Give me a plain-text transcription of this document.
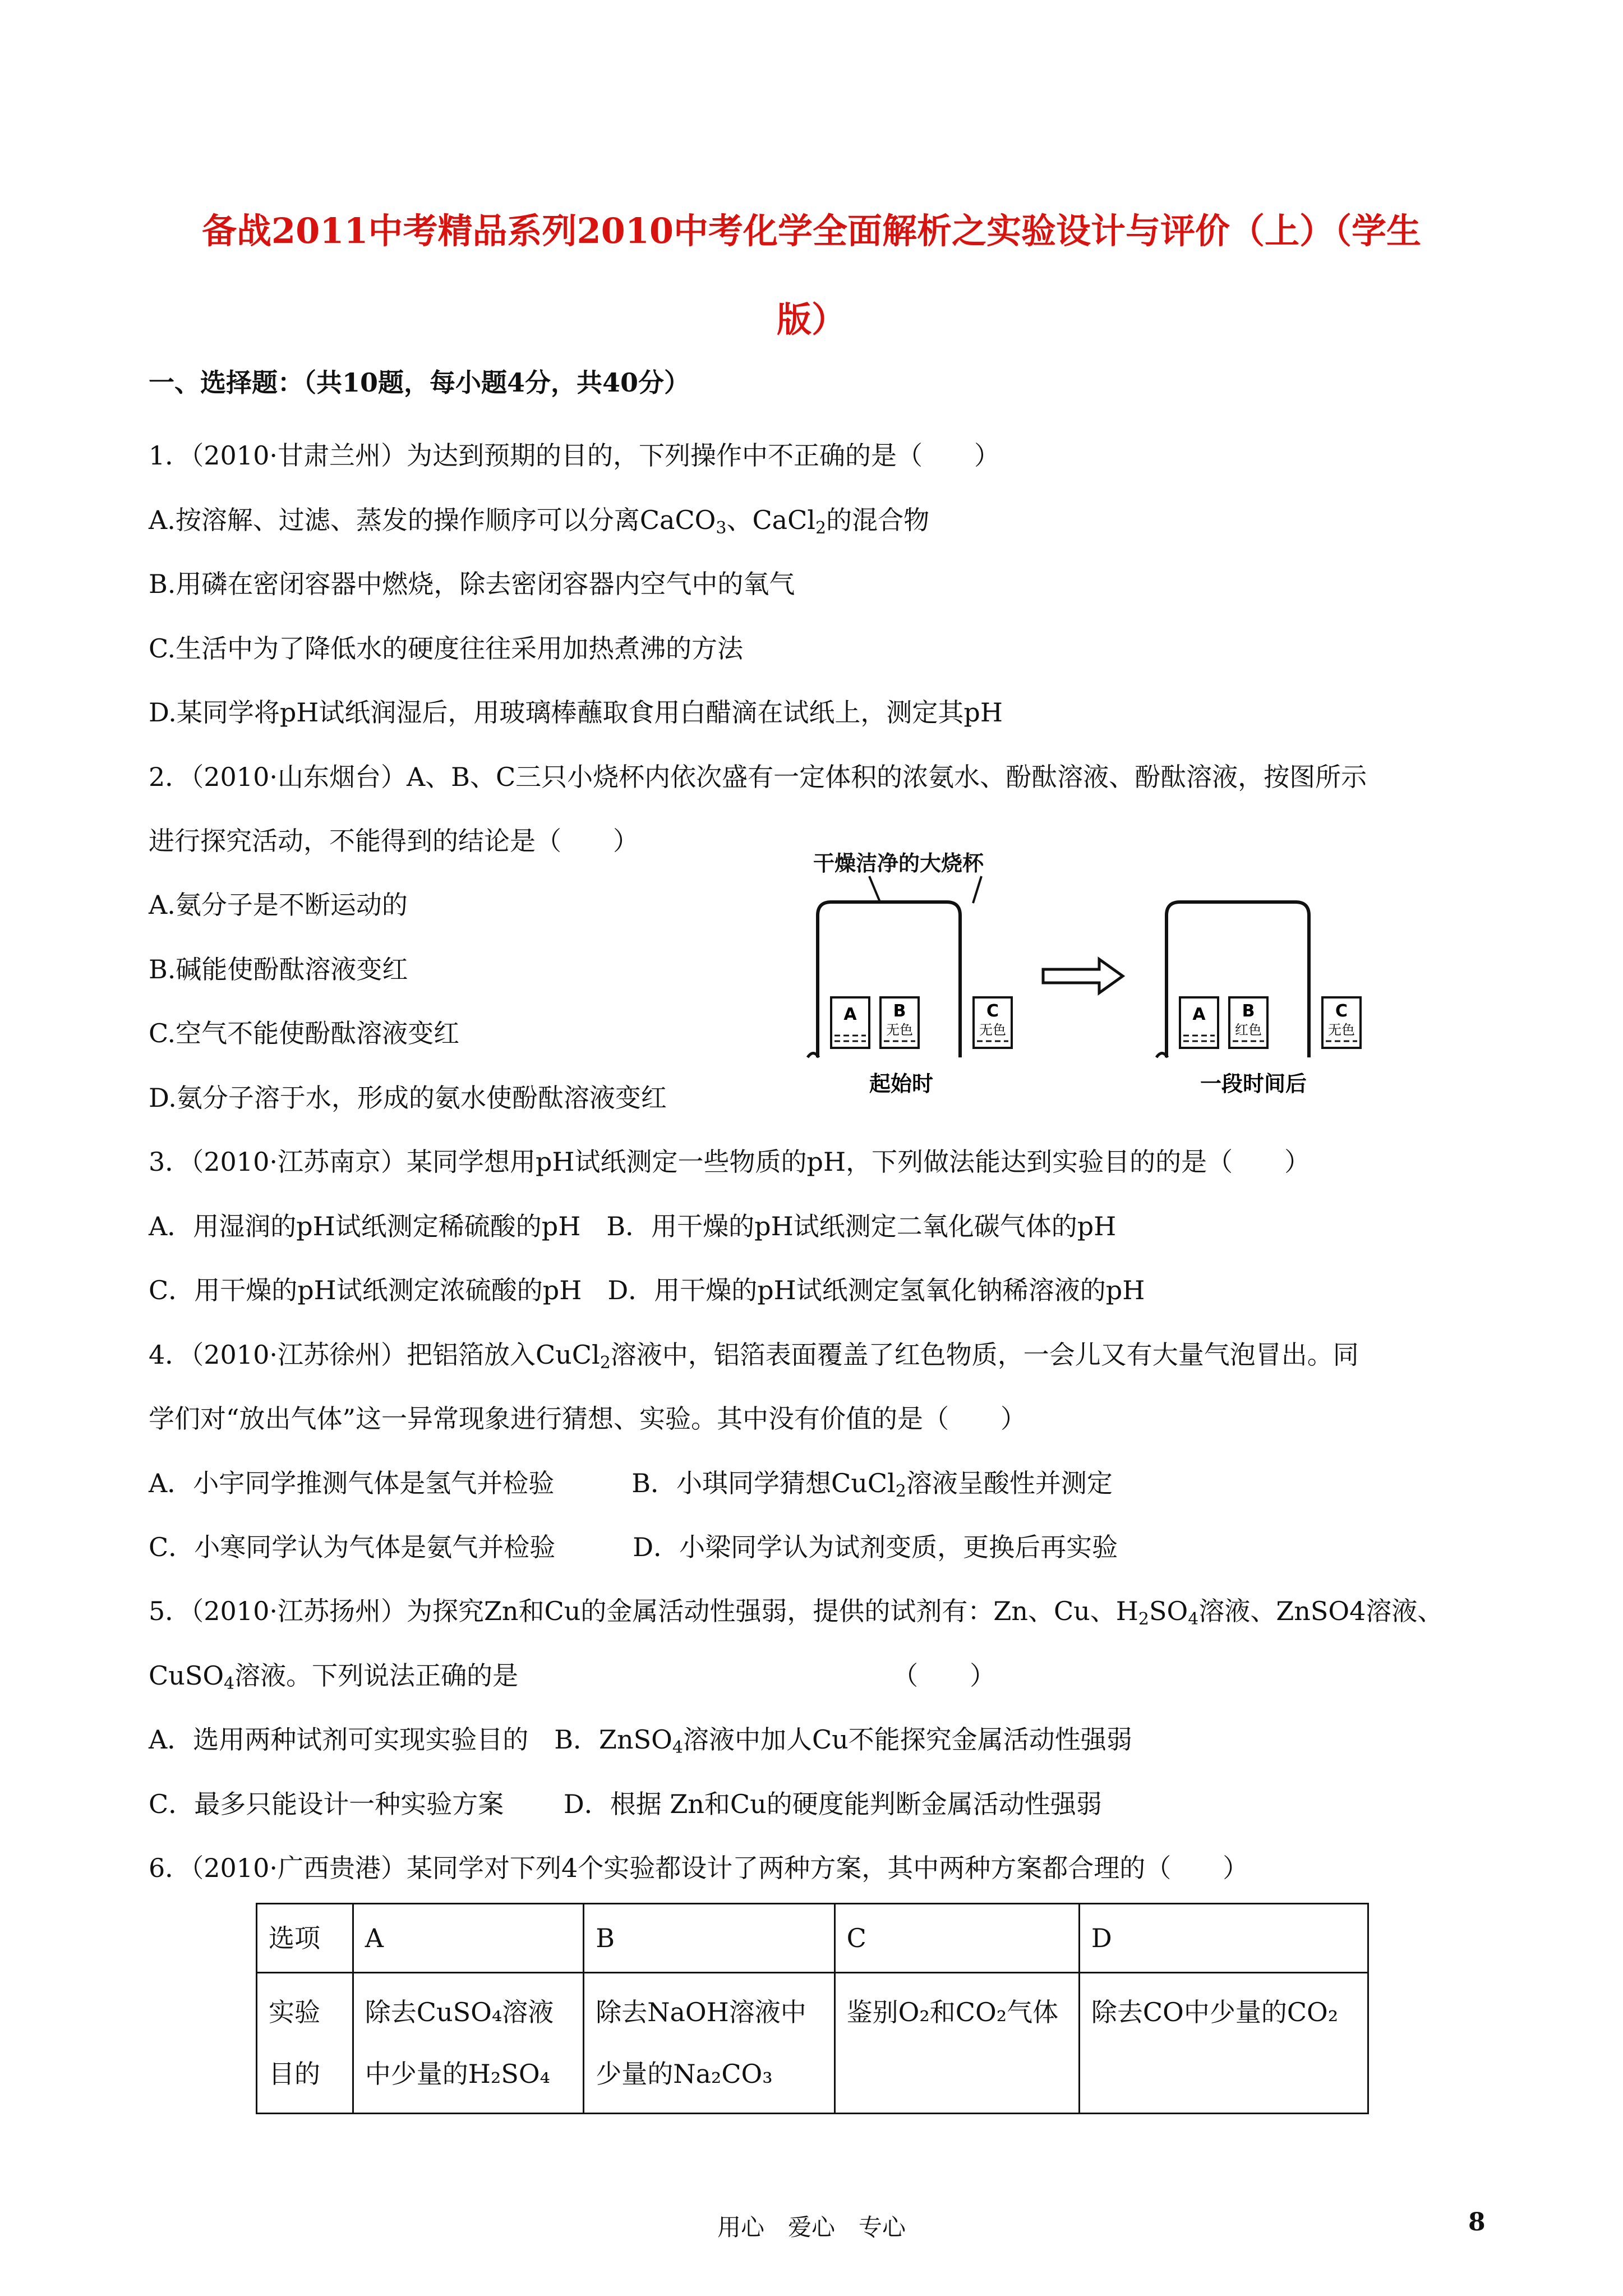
备战2011中考精品系列2010中考化学全面解析之实验设计与评价（上）（学生
版）
一、选择题：（共10题，每小题4分，共40分）
1．（2010·甘肃兰州）为达到预期的目的，下列操作中不正确的是（　　）
A.按溶解、过滤、蒸发的操作顺序可以分离CaCO$_3$、CaCl$_2$的混合物
B.用磷在密闭容器中燃烧，除去密闭容器内空气中的氧气
C.生活中为了降低水的硬度往往采用加热煮沸的方法
D.某同学将pH试纸润湿后，用玻璃棒蘸取食用白醋滴在试纸上，测定其pH
2．（2010·山东烟台）A、B、C三只小烧杯内依次盛有一定体积的浓氨水、酚酞溶液、酚酞溶液，按图所示
进行探究活动，不能得到的结论是（　　）
A.氨分子是不断运动的
B.碱能使酚酞溶液变红
C.空气不能使酚酞溶液变红
D.氨分子溶于水，形成的氨水使酚酞溶液变红
干燥洁净的大烧杯
A B
无色
C
无色
起始时
A B
红色
C
无色
一段时间后
3．（2010·江苏南京）某同学想用pH试纸测定一些物质的pH，下列做法能达到实验目的的是（　　）
A．用湿润的pH试纸测定稀硫酸的pH　B．用干燥的pH试纸测定二氧化碳气体的pH
C．用干燥的pH试纸测定浓硫酸的pH　D．用干燥的pH试纸测定氢氧化钠稀溶液的pH
4．（2010·江苏徐州）把铝箔放入CuCl$_2$溶液中，铝箔表面覆盖了红色物质，一会儿又有大量气泡冒出。同
学们对“放出气体”这一异常现象进行猜想、实验。其中没有价值的是（　　）
A．小宇同学推测气体是氢气并检验　　　B．小琪同学猜想CuCl$_2$溶液呈酸性并测定
C．小寒同学认为气体是氨气并检验　　　D．小梁同学认为试剂变质，更换后再实验
5．（2010·江苏扬州）为探究Zn和Cu的金属活动性强弱，提供的试剂有：Zn、Cu、$H_2SO_4$溶液、ZnSO4溶液、
CuSO$_4$溶液。下列说法正确的是　　　　　　　　　　　　　　　（　　）
A．选用两种试剂可实现实验目的　B．ZnSO$_4$溶液中加人Cu不能探究金属活动性强弱
C．最多只能设计一种实验方案　　 D．根据 Zn和Cu的硬度能判断金属活动性强弱
6．（2010·广西贵港）某同学对下列4个实验都设计了两种方案，其中两种方案都合理的（　　）
选项	A	B	C	D
实验目的	除去CuSO₄溶液中少量的H₂SO₄	除去NaOH溶液中少量的Na₂CO₃	鉴别O₂和CO₂气体	除去CO中少量的CO₂
用心　爱心　专心	8
